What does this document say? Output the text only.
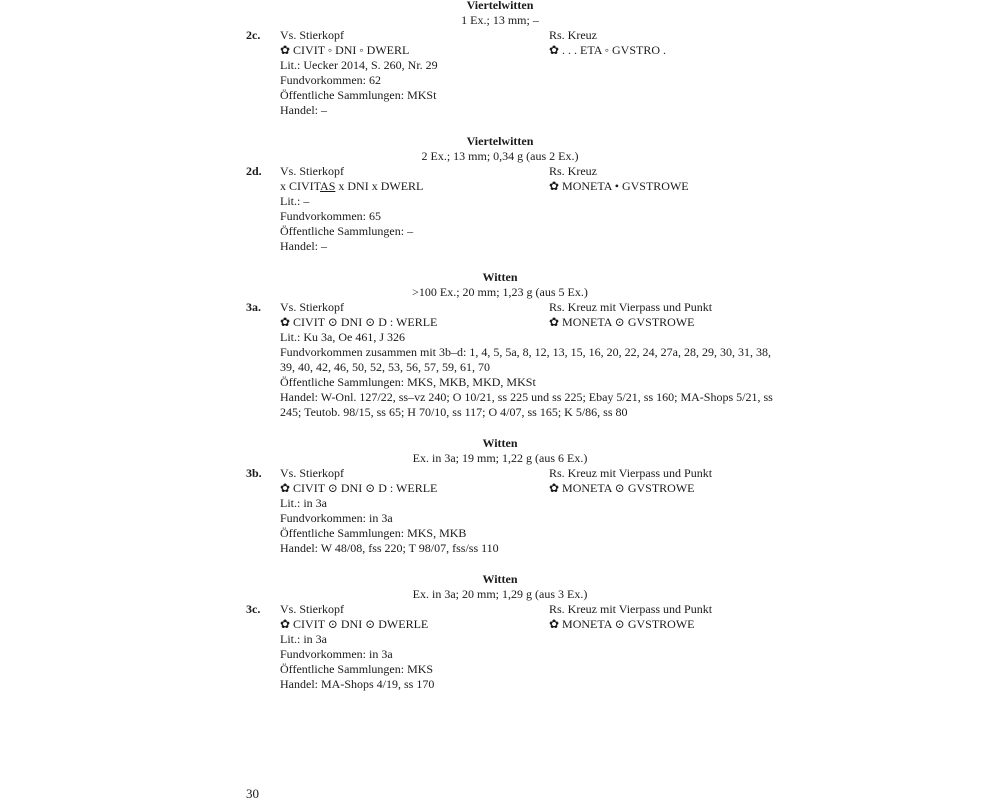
Viertelwitten
1 Ex.; 13 mm; –
2c. Vs. Stierkopf	Rs. Kreuz
✿ CIVIT ◦ DNI ◦ DWERL	✿ . . . ETA ◦ GVSTRO .
Lit.: Uecker 2014, S. 260, Nr. 29
Fundvorkommen: 62
Öffentliche Sammlungen: MKSt
Handel: –
Viertelwitten
2 Ex.; 13 mm; 0,34 g (aus 2 Ex.)
2d. Vs. Stierkopf	Rs. Kreuz
x CIVITAS x DNI x DWERL	✿ MONETA • GVSTROWE
Lit.: –
Fundvorkommen: 65
Öffentliche Sammlungen: –
Handel: –
Witten
>100 Ex.; 20 mm; 1,23 g (aus 5 Ex.)
3a. Vs. Stierkopf	Rs. Kreuz mit Vierpass und Punkt
✿ CIVIT ⊙ DNI ⊙ D : WERLE	✿ MONETA ⊙ GVSTROWE
Lit.: Ku 3a, Oe 461, J 326
Fundvorkommen zusammen mit 3b–d: 1, 4, 5, 5a, 8, 12, 13, 15, 16, 20, 22, 24, 27a, 28, 29, 30, 31, 38, 39, 40, 42, 46, 50, 52, 53, 56, 57, 59, 61, 70
Öffentliche Sammlungen: MKS, MKB, MKD, MKSt
Handel: W-Onl. 127/22, ss–vz 240; O 10/21, ss 225 und ss 225; Ebay 5/21, ss 160; MA-Shops 5/21, ss 245; Teutob. 98/15, ss 65; H 70/10, ss 117; O 4/07, ss 165; K 5/86, ss 80
Witten
Ex. in 3a; 19 mm; 1,22 g (aus 6 Ex.)
3b. Vs. Stierkopf	Rs. Kreuz mit Vierpass und Punkt
✿ CIVIT ⊙ DNI ⊙ D : WERLE	✿ MONETA ⊙ GVSTROWE
Lit.: in 3a
Fundvorkommen: in 3a
Öffentliche Sammlungen: MKS, MKB
Handel: W 48/08, fss 220; T 98/07, fss/ss 110
Witten
Ex. in 3a; 20 mm; 1,29 g (aus 3 Ex.)
3c. Vs. Stierkopf	Rs. Kreuz mit Vierpass und Punkt
✿ CIVIT ⊙ DNI ⊙ DWERLE	✿ MONETA ⊙ GVSTROWE
Lit.: in 3a
Fundvorkommen: in 3a
Öffentliche Sammlungen: MKS
Handel: MA-Shops 4/19, ss 170
30
